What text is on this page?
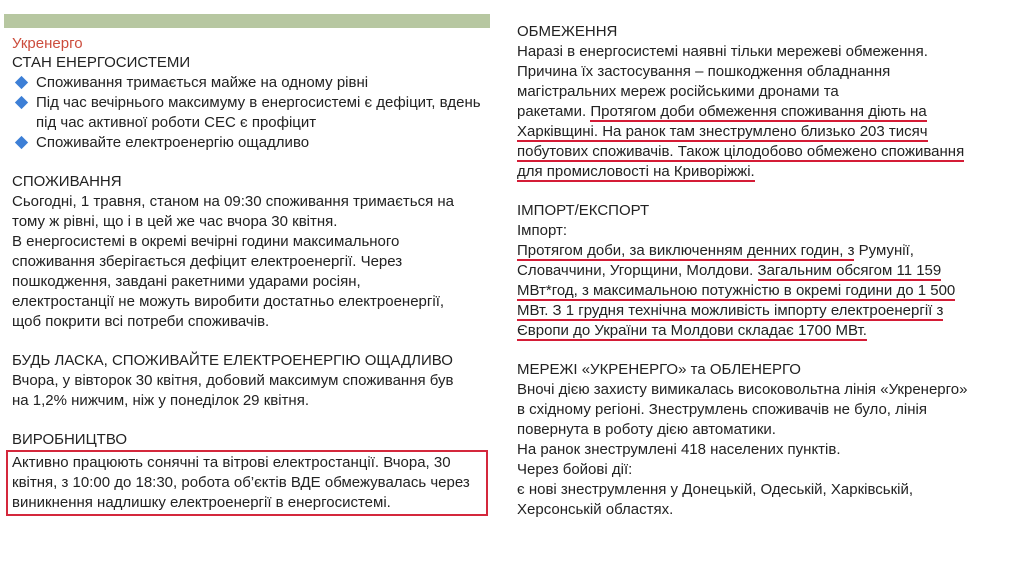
Укренерго

СТАН ЕНЕРГОСИСТЕМИ

Споживання тримається майже на одному рівні

Під час вечірнього максимуму в енергосистемі є дефіцит, вдень під час активної роботи СЕС є профіцит

Споживайте електроенергію ощадливо

СПОЖИВАННЯ

Сьогодні, 1 травня, станом на 09:30 споживання тримається на

тому ж рівні, що і в цей же час вчора 30 квітня.

В енергосистемі в окремі вечірні години максимального

споживання зберігається дефіцит електроенергії. Через

пошкодження, завдані ракетними ударами росіян,

електростанції не можуть виробити достатньо електроенергії,

щоб покрити всі потреби споживачів.

БУДЬ ЛАСКА, СПОЖИВАЙТЕ ЕЛЕКТРОЕНЕРГІЮ ОЩАДЛИВО

Вчора, у вівторок 30 квітня, добовий максимум споживання був

на 1,2% нижчим, ніж у понеділок 29 квітня.

ВИРОБНИЦТВО

Активно працюють сонячні та вітрові електростанції. Вчора, 30

квітня, з 10:00 до 18:30, робота об’єктів ВДЕ обмежувалась через

виникнення надлишку електроенергії в енергосистемі.

ОБМЕЖЕННЯ

Наразі в енергосистемі наявні тільки мережеві обмеження.

Причина їх застосування – пошкодження обладнання

магістральних мереж російськими дронами та

ракетами. Протягом доби обмеження споживання діють на

Харківщині. На ранок там знеструмлено близько 203 тисяч

побутових споживачів. Також цілодобово обмежено споживання

для промисловості на Криворіжжі.

ІМПОРТ/ЕКСПОРТ

Імпорт:

Протягом доби, за виключенням денних годин, з Румунії,

Словаччини, Угорщини, Молдови. Загальним обсягом 11 159

МВт*год, з максимальною потужністю в окремі години до 1 500

МВт. З 1 грудня технічна можливість імпорту електроенергії з

Європи до України та Молдови складає 1700 МВт.

МЕРЕЖІ «УКРЕНЕРГО» та ОБЛЕНЕРГО

Вночі дією захисту вимикалась високовольтна лінія «Укренерго»

в східному регіоні. Знеструмлень споживачів не було, лінія

повернута в роботу дією автоматики.

На ранок знеструмлені 418 населених пунктів.

Через бойові дії:

є нові знеструмлення у Донецькій, Одеській, Харківській,

Херсонській областях.
